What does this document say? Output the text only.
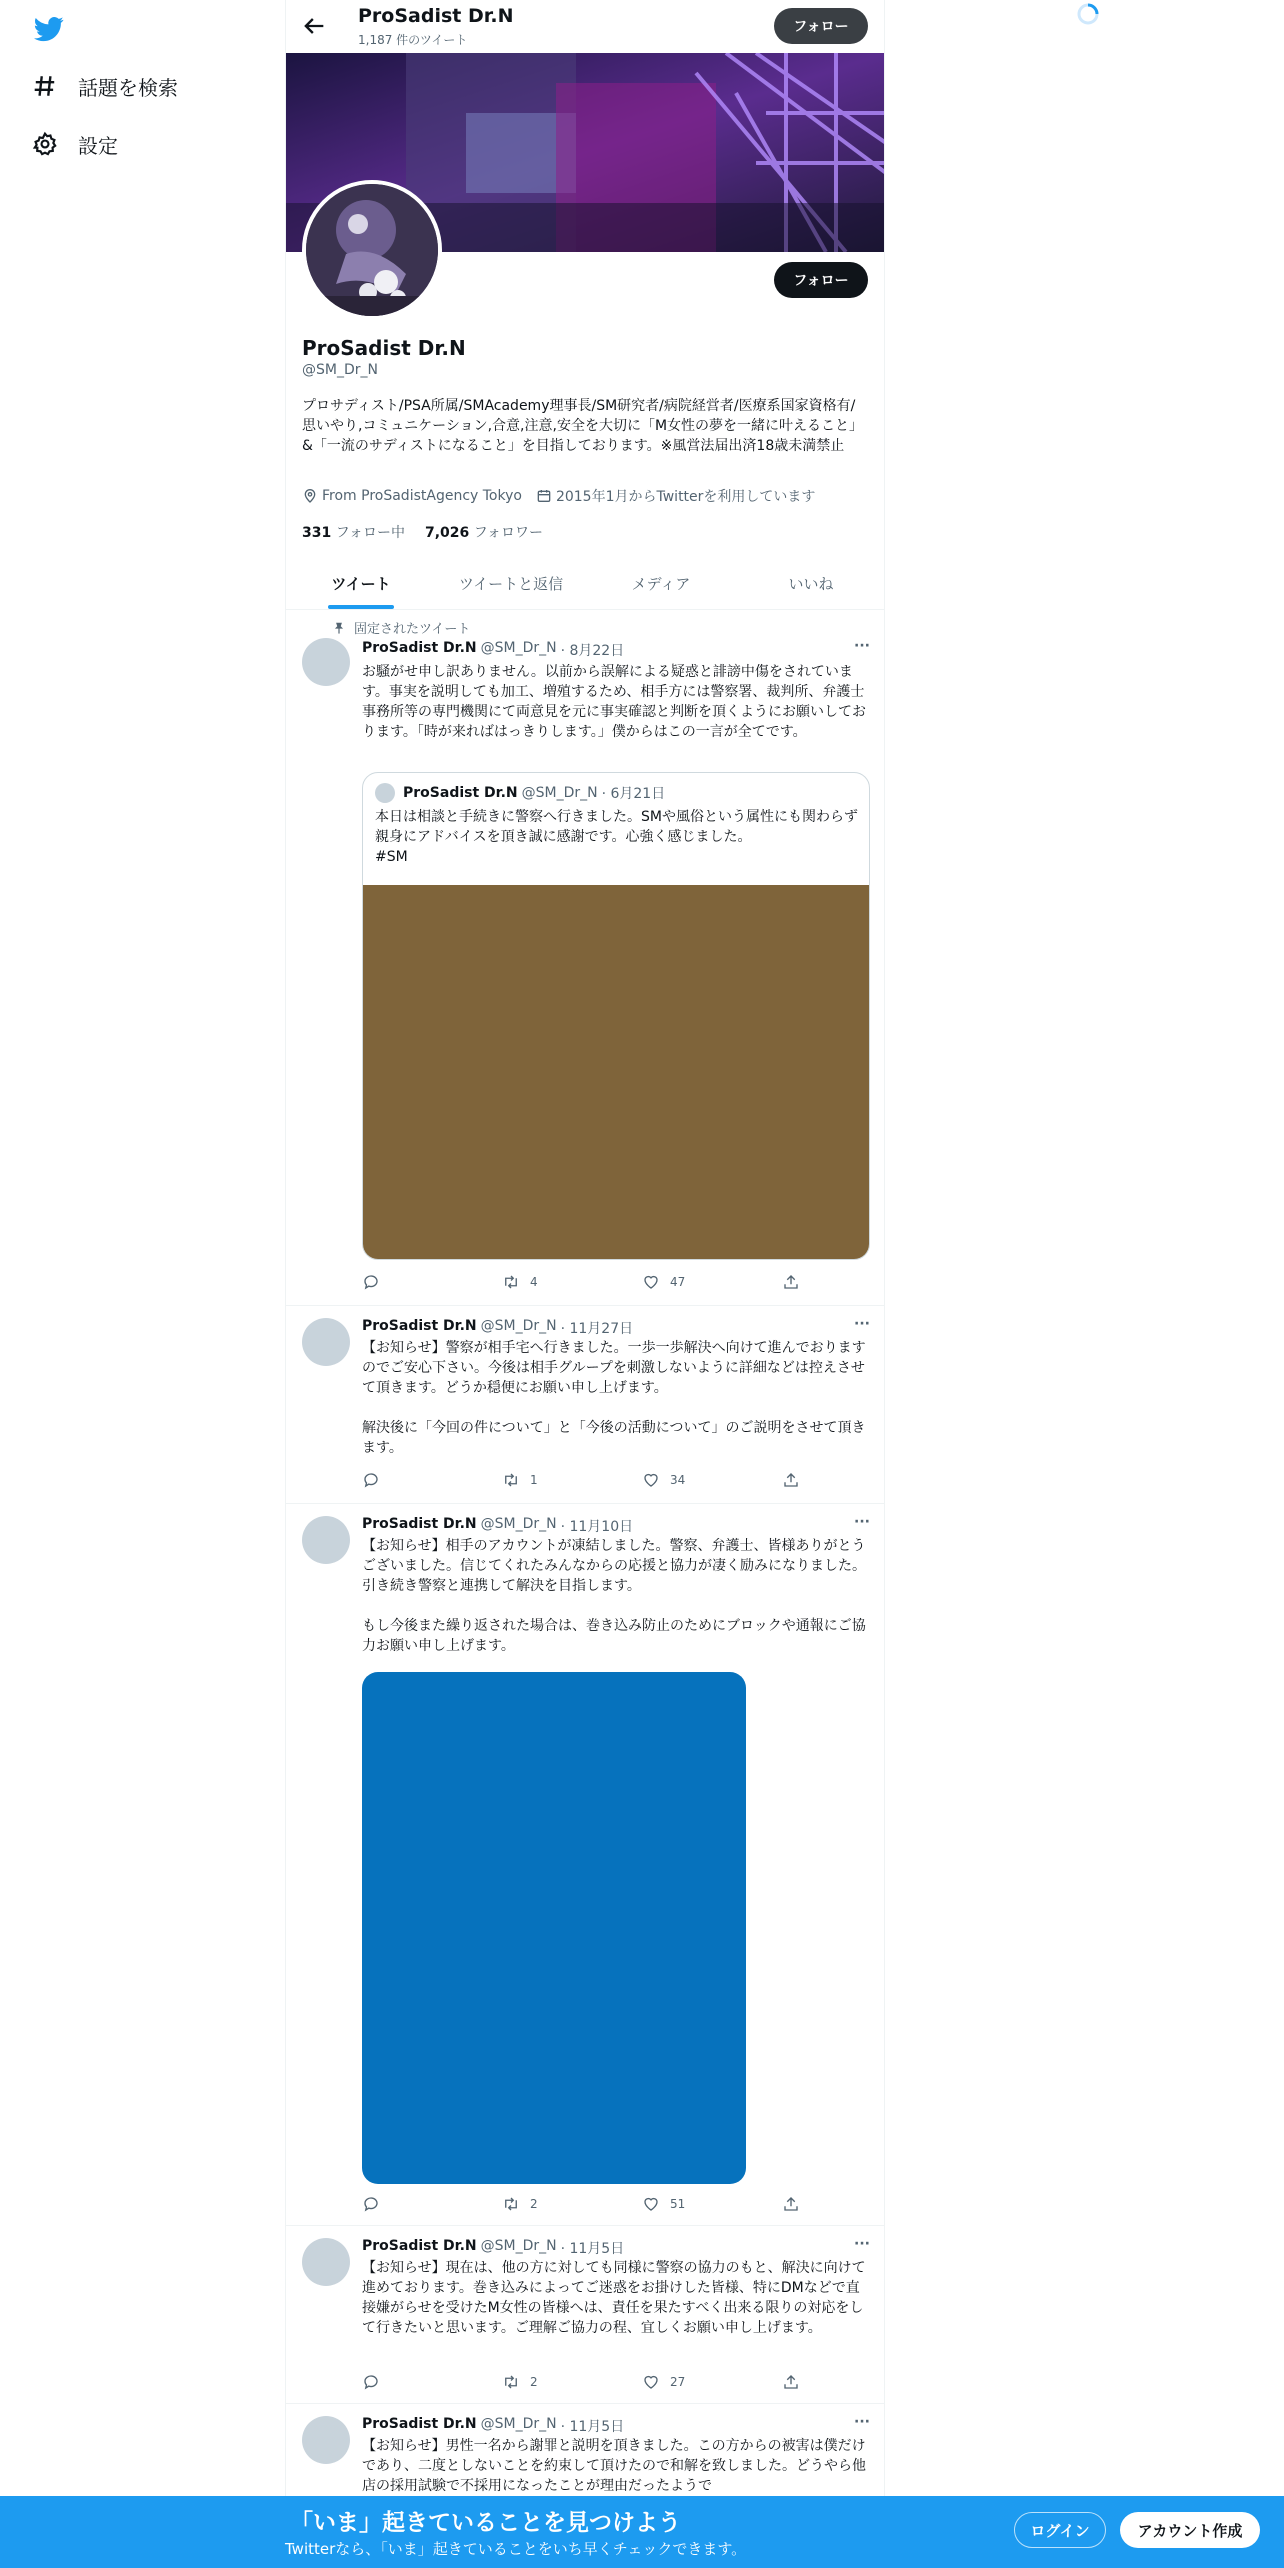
話題を検索
設定
ProSadist Dr.N
1,187 件のツイート
フォロー
フォロー
ProSadist Dr.N
@SM_Dr_N
プロサディスト/PSA所属/SMAcademy理事長/SM研究者/病院経営者/医療系国家資格有/思いやり,コミュニケーション,合意,注意,安全を大切に「M女性の夢を一緒に叶えること」&「一流のサディストになること」を目指しております。※風営法届出済18歳未満禁止
From ProSadistAgency Tokyo 2015年1月からTwitterを利用しています
331 フォロー中 7,026 フォロワー
ツイート	ツイートと返信	メディア	いいね
固定されたツイート
ProSadist Dr.N @SM_Dr_N · 8月22日	···
お騒がせ申し訳ありません。以前から誤解による疑惑と誹謗中傷をされています。事実を説明しても加工、増殖するため、相手方には警察署、裁判所、弁護士事務所等の専門機関にて両意見を元に事実確認と判断を頂くようにお願いしております。「時が来ればはっきりします。」僕からはこの一言が全てです。
ProSadist Dr.N @SM_Dr_N · 6月21日
本日は相談と手続きに警察へ行きました。SMや風俗という属性にも関わらず親身にアドバイスを頂き誠に感謝です。心強く感じました。
#SM
4	47
ProSadist Dr.N @SM_Dr_N · 11月27日	···
【お知らせ】警察が相手宅へ行きました。一歩一歩解決へ向けて進んでおりますのでご安心下さい。今後は相手グループを刺激しないように詳細などは控えさせて頂きます。どうか穏便にお願い申し上げます。

解決後に「今回の件について」と「今後の活動について」のご説明をさせて頂きます。
1	34
ProSadist Dr.N @SM_Dr_N · 11月10日	···
【お知らせ】相手のアカウントが凍結しました。警察、弁護士、皆様ありがとうございました。信じてくれたみんなからの応援と協力が凄く励みになりました。引き続き警察と連携して解決を目指します。

もし今後また繰り返された場合は、巻き込み防止のためにブロックや通報にご協力お願い申し上げます。
2	51
ProSadist Dr.N @SM_Dr_N · 11月5日	···
【お知らせ】現在は、他の方に対しても同様に警察の協力のもと、解決に向けて進めております。巻き込みによってご迷惑をお掛けした皆様、特にDMなどで直接嫌がらせを受けたM女性の皆様へは、責任を果たすべく出来る限りの対応をして行きたいと思います。ご理解ご協力の程、宜しくお願い申し上げます。
2	27
ProSadist Dr.N @SM_Dr_N · 11月5日	···
【お知らせ】男性一名から謝罪と説明を頂きました。この方からの被害は僕だけであり、二度としないことを約束して頂けたので和解を致しました。どうやら他店の採用試験で不採用になったことが理由だったようで
「いま」起きていることを見つけよう
Twitterなら、「いま」起きていることをいち早くチェックできます。
ログイン	アカウント作成
